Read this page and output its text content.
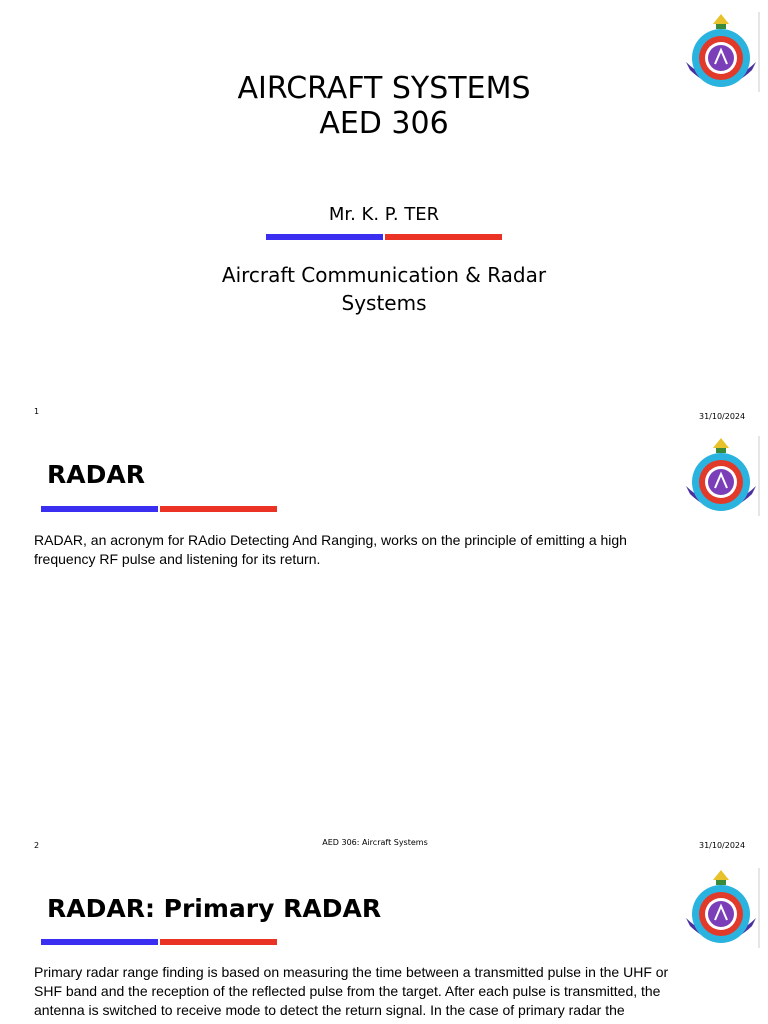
AIRCRAFT SYSTEMS
AED 306
Mr. K. P. TER
Aircraft Communication & Radar Systems
1
31/10/2024
RADAR
RADAR, an acronym for RAdio Detecting And Ranging, works on the principle of emitting a high frequency RF pulse and listening for its return.
2	AED 306: Aircraft Systems	31/10/2024
RADAR: Primary RADAR
Primary radar range finding is based on measuring the time between a transmitted pulse in the UHF or SHF band and the reception of the reflected pulse from the target. After each pulse is transmitted, the antenna is switched to receive mode to detect the return signal. In the case of primary radar the
